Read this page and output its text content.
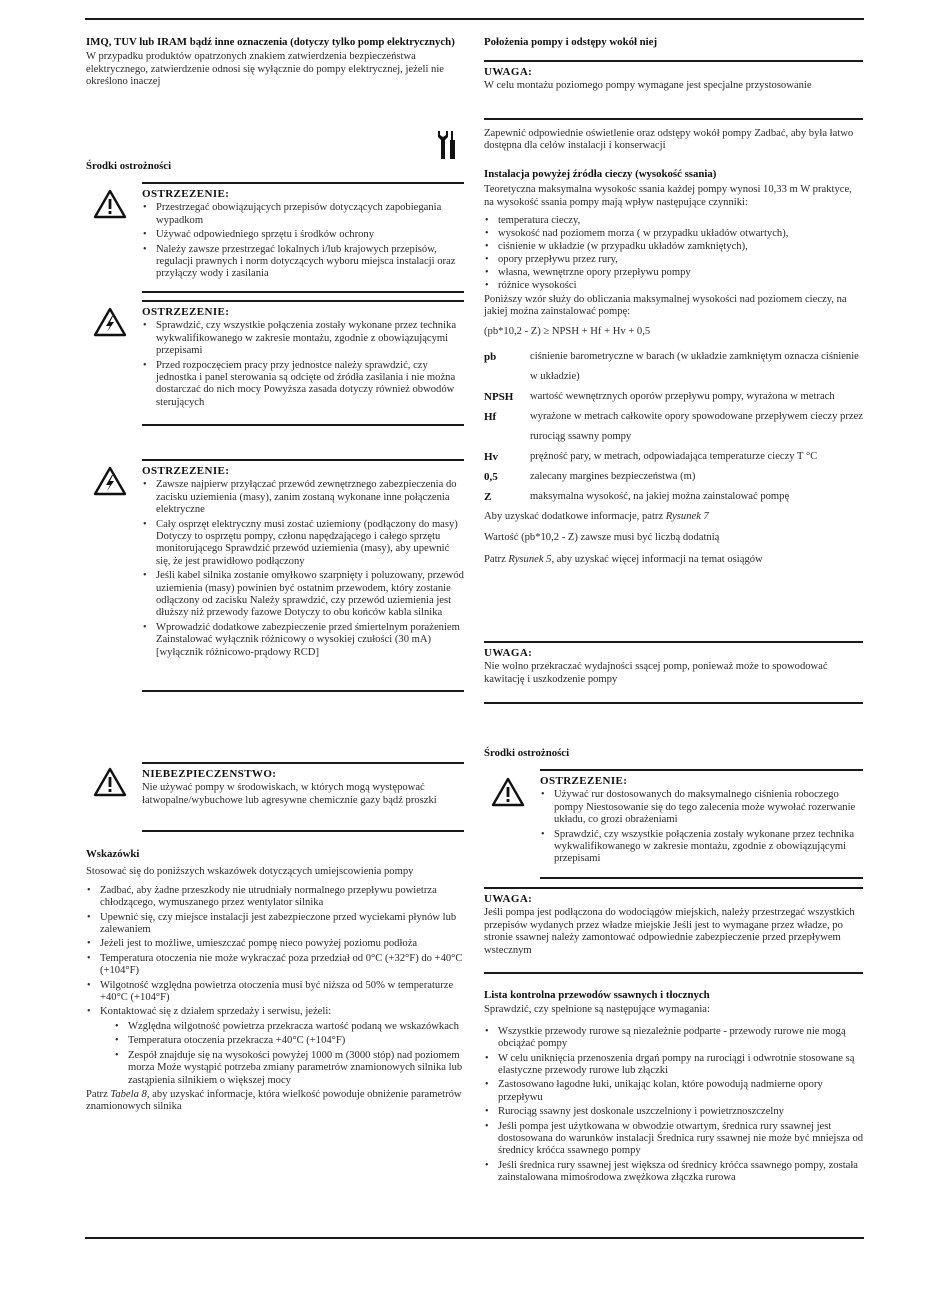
IMQ, TUV lub IRAM bądź inne oznaczenia (dotyczy tylko pomp elektrycznych)

W przypadku produktów opatrzonych znakiem zatwierdzenia bezpieczeństwa elektrycznego, zatwierdzenie odnosi się wyłącznie do pompy elektrycznej, jeżeli nie określono inaczej

Środki ostrożności
OSTRZEZENIE:
• Przestrzegać obowiązujących przepisów dotyczących zapobiegania wypadkom
• Używać odpowiedniego sprzętu i środków ochrony
• Należy zawsze przestrzegać lokalnych i/lub krajowych przepisów, regulacji prawnych i norm dotyczących wyboru miejsca instalacji oraz przyłączy wody i zasilania
OSTRZEZENIE:
• Sprawdzić, czy wszystkie połączenia zostały wykonane przez technika wykwalifikowanego w zakresie montażu, zgodnie z obowiązującymi przepisami
• Przed rozpoczęciem pracy przy jednostce należy sprawdzić, czy jednostka i panel sterowania są odcięte od źródła zasilania i nie można dostarczać do nich mocy Powyższa zasada dotyczy również obwodów sterujących
OSTRZEZENIE:
• Zawsze najpierw przyłączać przewód zewnętrznego zabezpieczenia do zacisku uziemienia (masy), zanim zostaną wykonane inne połączenia elektryczne
• Cały osprzęt elektryczny musi zostać uziemiony (podłączony do masy) Dotyczy to osprzętu pompy, członu napędzającego i całego sprzętu monitorującego Sprawdzić przewód uziemienia (masy), aby upewnić się, że jest prawidłowo podłączony
• Jeśli kabel silnika zostanie omyłkowo szarpnięty i poluzowany, przewód uziemienia (masy) powinien być ostatnim przewodem, który zostanie odłączony od zacisku Należy sprawdzić, czy przewód uziemienia jest dłuższy niż przewody fazowe Dotyczy to obu końców kabla silnika
• Wprowadzić dodatkowe zabezpieczenie przed śmiertelnym porażeniem Zainstalować wyłącznik różnicowy o wysokiej czułości (30 mA) [wyłącznik różnicowo-prądowy RCD]
NIEBEZPIECZENSTWO:

Nie używać pompy w środowiskach, w których mogą występować łatwopalne/wybuchowe lub agresywne chemicznie gazy bądź proszki

Wskazówki

Stosować się do poniższych wskazówek dotyczących umiejscowienia pompy

• Zadbać, aby żadne przeszkody nie utrudniały normalnego przepływu powietrza chłodzącego, wymuszanego przez wentylator silnika
• Upewnić się, czy miejsce instalacji jest zabezpieczone przed wyciekami płynów lub zalewaniem
• Jeżeli jest to możliwe, umieszczać pompę nieco powyżej poziomu podłoża
• Temperatura otoczenia nie może wykraczać poza przedział od 0°C (+32°F) do +40°C (+104°F)
• Wilgotność względna powietrza otoczenia musi być niższa od 50% w temperaturze +40°C (+104°F)
• Kontaktować się z działem sprzedaży i serwisu, jeżeli:
• Względna wilgotność powietrza przekracza wartość podaną we wskazówkach
• Temperatura otoczenia przekracza +40°C (+104°F)
• Zespół znajduje się na wysokości powyżej 1000 m (3000 stóp) nad poziomem morza Może wystąpić potrzeba zmiany parametrów znamionowych silnika lub zastąpienia silnikiem o większej mocy

Patrz Tabela 8, aby uzyskać informacje, która wielkość powoduje obniżenie parametrów znamionowych silnika

Położenia pompy i odstępy wokół niej
UWAGA:

W celu montażu poziomego pompy wymagane jest specjalne przystosowanie

Zapewnić odpowiednie oświetlenie oraz odstępy wokół pompy Zadbać, aby była łatwo dostępna dla celów instalacji i konserwacji

Instalacja powyżej źródła cieczy (wysokość ssania)

Teoretyczna maksymalna wysokośc ssania każdej pompy wynosi 10,33 m W praktyce, na wysokość ssania pompy mają wpływ następujące czynniki:

• temperatura cieczy,
• wysokość nad poziomem morza ( w przypadku układów otwartych),
• ciśnienie w układzie (w przypadku układów zamkniętych),
• opory przepływu przez rury,
• własna, wewnętrzne opory przepływu pompy
• różnice wysokości

Poniższy wzór służy do obliczania maksymalnej wysokości nad poziomem cieczy, na jakiej można zainstalować pompę:

(pb*10,2 - Z) ≥ NPSH + Hf + Hv + 0,5

pb	ciśnienie barometryczne w barach (w układzie zamkniętym oznacza ciśnienie w układzie)
NPSH	wartość wewnętrznych oporów przepływu pompy, wyrażona w metrach
Hf	wyrażone w metrach całkowite opory spowodowane przepływem cieczy przez rurociąg ssawny pompy
Hv	prężność pary, w metrach, odpowiadająca temperaturze cieczy T °C
0,5	zalecany margines bezpieczeństwa (m)
Z	maksymalna wysokość, na jakiej można zainstalować pompę

Aby uzyskać dodatkowe informacje, patrz Rysunek 7

Wartość (pb*10,2 - Z) zawsze musi być liczbą dodatnią

Patrz Rysunek 5, aby uzyskać więcej informacji na temat osiągów

UWAGA:

Nie wolno przekraczać wydajności ssącej pomp, ponieważ może to spowodować kawitację i uszkodzenie pompy

Środki ostrożności
OSTRZEZENIE:
• Używać rur dostosowanych do maksymalnego ciśnienia roboczego pompy Niestosowanie się do tego zalecenia może wywołać rozerwanie układu, co grozi obrażeniami
• Sprawdzić, czy wszystkie połączenia zostały wykonane przez technika wykwalifikowanego w zakresie montażu, zgodnie z obowiązującymi przepisami
UWAGA:

Jeśli pompa jest podłączona do wodociągów miejskich, należy przestrzegać wszystkich przepisów wydanych przez władze miejskie Jeśli jest to wymagane przez władze, po stronie ssawnej należy zamontować odpowiednie zabezpieczenie przed przepływem wstecznym

Lista kontrolna przewodów ssawnych i tłocznych

Sprawdzić, czy spełnione są następujące wymagania:

• Wszystkie przewody rurowe są niezależnie podparte - przewody rurowe nie mogą obciążać pompy
• W celu uniknięcia przenoszenia drgań pompy na rurociągi i odwrotnie stosowane są elastyczne przewody rurowe lub złączki
• Zastosowano łagodne łuki, unikając kolan, które powodują nadmierne opory przepływu
• Rurociąg ssawny jest doskonale uszczelniony i powietrznoszczelny
• Jeśli pompa jest użytkowana w obwodzie otwartym, średnica rury ssawnej jest dostosowana do warunków instalacji Średnica rury ssawnej nie może być mniejsza od średnicy króćca ssawnego pompy
• Jeśli średnica rury ssawnej jest większa od średnicy króćca ssawnego pompy, została zainstalowana mimośrodowa zwężkowa złączka rurowa
